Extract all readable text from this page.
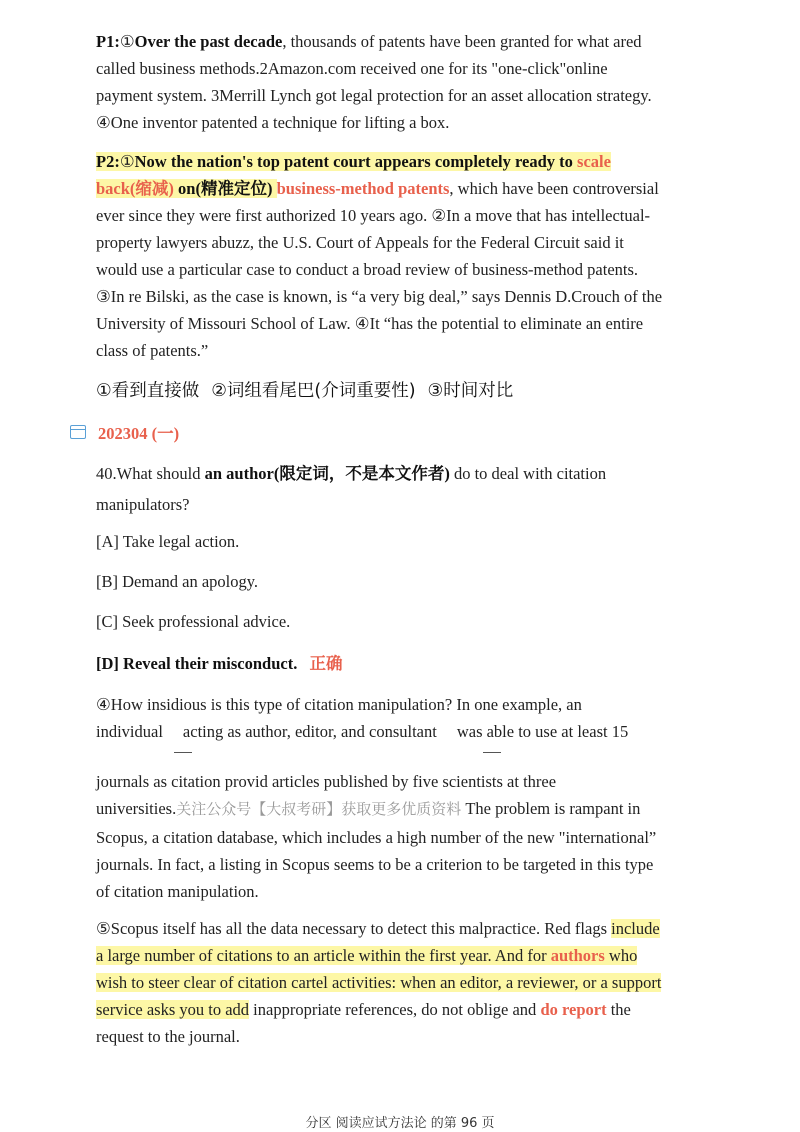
P1:①Over the past decade, thousands of patents have been granted for what ared
called business methods.2Amazon.com received one for its "one-click"online
payment system. 3Merrill Lynch got legal protection for an asset allocation strategy.
④One inventor patented a technique for lifting a box.
P2:①Now the nation's top patent court appears completely ready to scale
back(缩减) on(精准定位) business-method patents, which have been controversial
ever since they were first authorized 10 years ago. ②In a move that has intellectual-
property lawyers abuzz, the U.S. Court of Appeals for the Federal Circuit said it
would use a particular case to conduct a broad review of business-method patents.
③In re Bilski, as the case is known, is “a very big deal,” says Dennis D.Crouch of the
University of Missouri School of Law. ④It “has the potential to eliminate an entire
class of patents.”
①看到直接做 ②词组看尾巴(介词重要性) ③时间对比
202304 (一)
40.What should an author(限定词，不是本文作者) do to deal with citation
manipulators?
[A] Take legal action.
[B] Demand an apology.
[C] Seek professional advice.
[D] Reveal their misconduct. 正确
④How insidious is this type of citation manipulation? In one example, an
individual acting as author, editor, and consultant was able to use at least 15
journals as citation provid articles published by five scientists at three
universities.关注公众号【大叔考研】获取更多优质资料 The problem is rampant in
Scopus, a citation database, which includes a high number of the new "international”
journals. In fact, a listing in Scopus seems to be a criterion to be targeted in this type
of citation manipulation.
⑤Scopus itself has all the data necessary to detect this malpractice. Red flags include
a large number of citations to an article within the first year. And for authors who
wish to steer clear of citation cartel activities: when an editor, a reviewer, or a support
service asks you to add inappropriate references, do not oblige and do report the
request to the journal.
分区 阅读应试方法论 的第 96 页
